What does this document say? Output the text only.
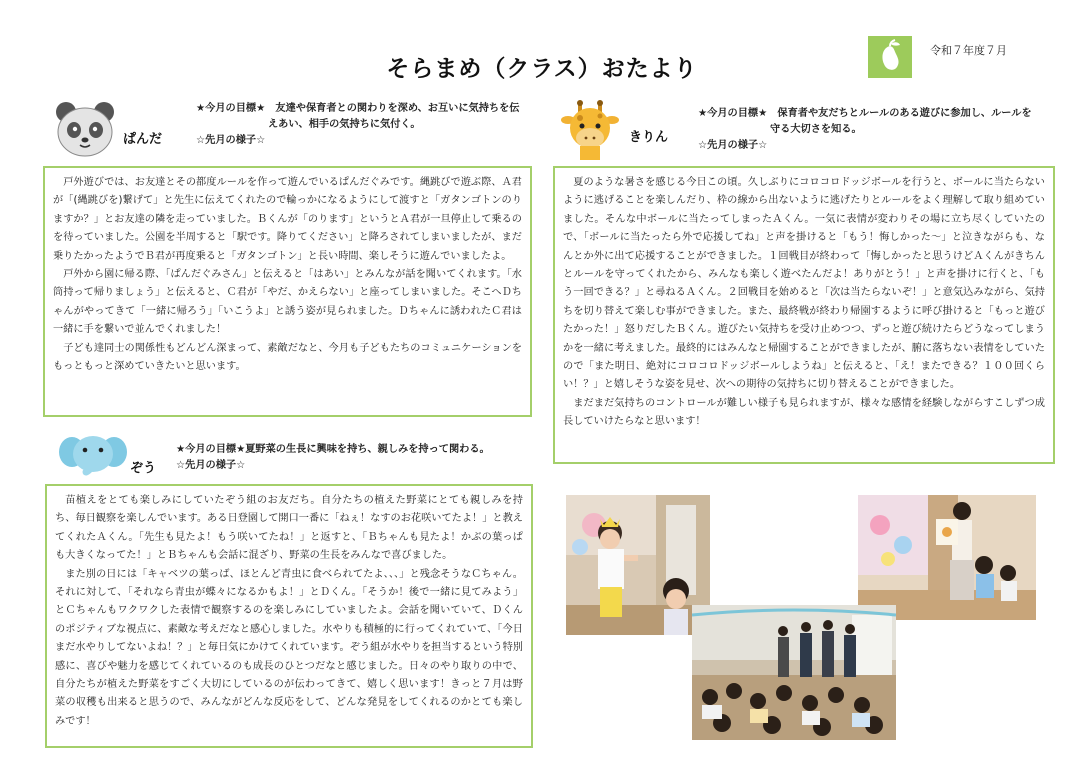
そらまめ（クラス）おたより
令和７年度７月
ぱんだ
★今月の目標★　友達や保育者との関わりを深め、お互いに気持ちを伝
えあい、相手の気持ちに気付く。
☆先月の様子☆

戸外遊びでは、お友達とその都度ルールを作って遊んでいるぱんだぐみです。縄跳びで遊ぶ際、Ａ君が「(縄跳びを)繋げて」と先生に伝えてくれたので輪っかになるようにして渡すと「ガタンゴトンのりますか？」とお友達の隣を走っていました。Ｂくんが「のります」というとＡ君が一旦停止して乗るのを待っていました。公園を半周すると「駅です。降りてください」と降ろされてしまいましたが、まだ乗りたかったようでＢ君が再度乗ると「ガタンゴトン」と長い時間、楽しそうに遊んでいましたよ。

戸外から園に帰る際、「ぱんだぐみさん」と伝えると「はあい」とみんなが話を聞いてくれます。「水筒持って帰りましょう」と伝えると、Ｃ君が「やだ、かえらない」と座ってしまいました。そこへＤちゃんがやってきて「一緒に帰ろう」「いこうよ」と誘う姿が見られました。Ｄちゃんに誘われたＣ君は一緒に手を繋いで並んでくれました！

子ども達同士の関係性もどんどん深まって、素敵だなと、今月も子どもたちのコミュニケーションをもっともっと深めていきたいと思います。

きりん
★今月の目標★　保育者や友だちとルールのある遊びに参加し、ルールを
守る大切さを知る。
☆先月の様子☆

夏のような暑さを感じる今日この頃。久しぶりにコロコロドッジボールを行うと、ボールに当たらないように逃げることを楽しんだり、枠の線から出ないように逃げたりとルールをよく理解して取り組めていました。そんな中ボールに当たってしまったＡくん。一気に表情が変わりその場に立ち尽くしていたので、「ボールに当たったら外で応援してね」と声を掛けると「もう！悔しかった～」と泣きながらも、なんとか外に出て応援することができました。１回戦目が終わって「悔しかったと思うけどＡくんがきちんとルールを守ってくれたから、みんなも楽しく遊べたんだよ！ありがとう！」と声を掛けに行くと、「もう一回できる？」と尋ねるＡくん。２回戦目を始めると「次は当たらないぞ！」と意気込みながら、気持ちを切り替えて楽しむ事ができました。また、最終戦が終わり帰園するように呼び掛けると「もっと遊びたかった！」怒りだしたＢくん。遊びたい気持ちを受け止めつつ、ずっと遊び続けたらどうなってしまうかを一緒に考えました。最終的にはみんなと帰園することができましたが、腑に落ちない表情をしていたので「また明日、絶対にコロコロドッジボールしようね」と伝えると、「え！またできる？１００回くらい！？」と嬉しそうな姿を見せ、次への期待の気持ちに切り替えることができました。

まだまだ気持ちのコントロールが難しい様子も見られますが、様々な感情を経験しながらすこしずつ成長していけたらなと思います！

ぞう
★今月の目標★夏野菜の生長に興味を持ち、親しみを持って関わる。
☆先月の様子☆

苗植えをとても楽しみにしていたぞう組のお友だち。自分たちの植えた野菜にとても親しみを持ち、毎日観察を楽しんでいます。ある日登園して開口一番に「ねぇ！なすのお花咲いてたよ！」と教えてくれたＡくん。「先生も見たよ！もう咲いてたね！」と返すと、「Ｂちゃんも見たよ！かぶの葉っぱも大きくなってた！」とＢちゃんも会話に混ざり、野菜の生長をみんなで喜びました。

また別の日には「キャベツの葉っば、ほとんど青虫に食べられてたよ、、、」と残念そうなＣちゃん。それに対して、「それなら青虫が蝶々になるかもよ！」とＤくん。「そうか！後で一緒に見てみよう」とＣちゃんもワクワクした表情で観察するのを楽しみにしていましたよ。会話を聞いていて、Ｄくんのポジティブな視点に、素敵な考えだなと感心しました。水やりも積極的に行ってくれていて、「今日まだ水やりしてないよね！？」と毎日気にかけてくれています。ぞう組が水やりを担当するという特別感に、喜びや魅力を感じてくれているのも成長のひとつだなと感じました。日々のやり取りの中で、自分たちが植えた野菜をすごく大切にしているのが伝わってきて、嬉しく思います！きっと７月は野菜の収穫も出来ると思うので、みんながどんな反応をして、どんな発見をしてくれるのかとても楽しみです！
